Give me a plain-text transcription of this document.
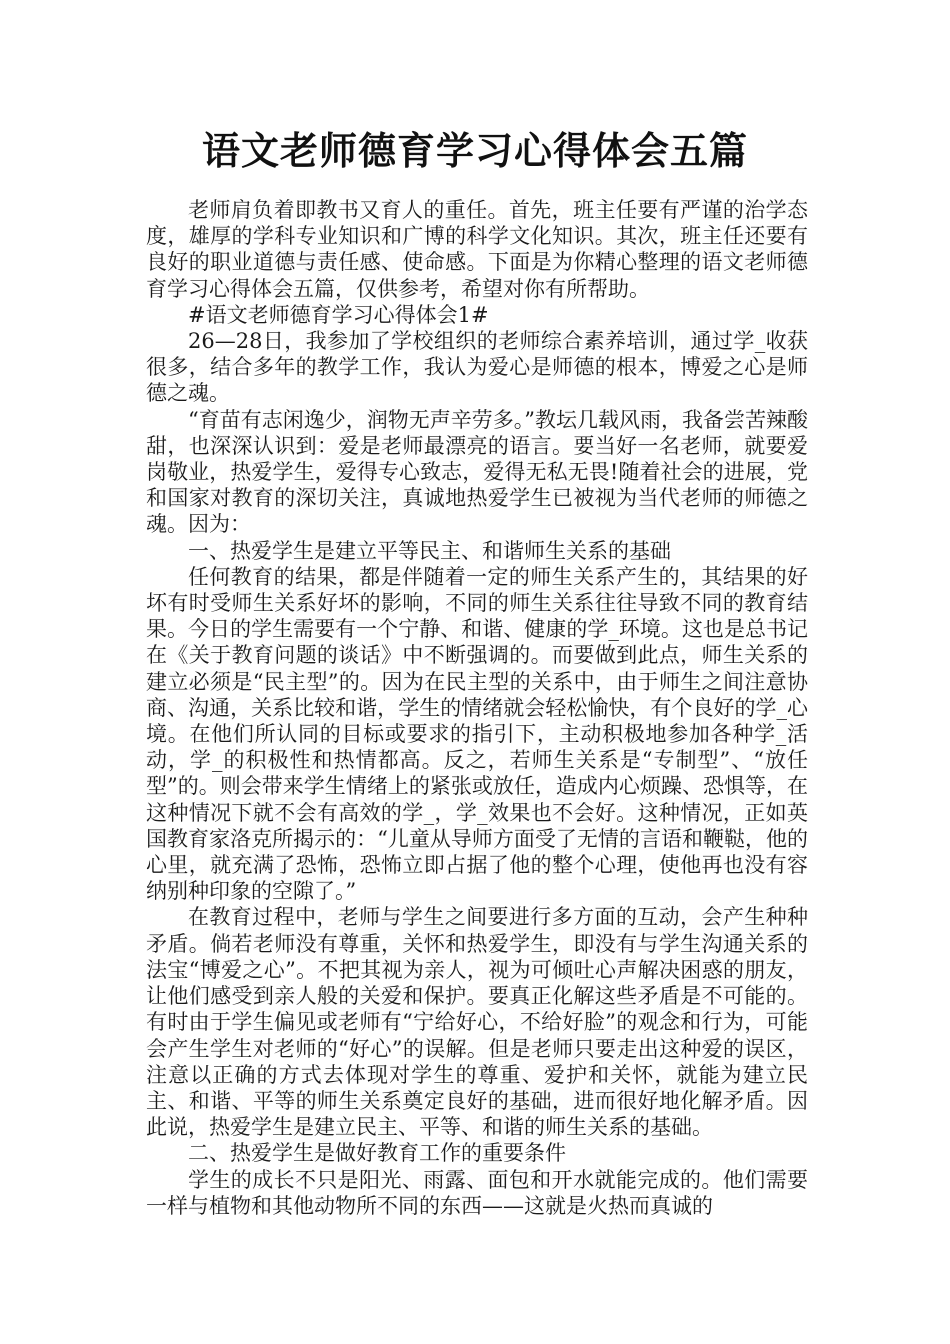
语文老师德育学习心得体会五篇

老师肩负着即教书又育人的重任。首先，班主任要有严谨的治学态度，雄厚的学科专业知识和广博的科学文化知识。其次，班主任还要有良好的职业道德与责任感、使命感。下面是为你精心整理的语文老师德育学习心得体会五篇，仅供参考，希望对你有所帮助。

#语文老师德育学习心得体会1#

26—28日，我参加了学校组织的老师综合素养培训，通过学_收获很多，结合多年的教学工作，我认为爱心是师德的根本，博爱之心是师德之魂。

“育苗有志闲逸少，润物无声辛劳多。”教坛几载风雨，我备尝苦辣酸甜，也深深认识到：爱是老师最漂亮的语言。要当好一名老师，就要爱岗敬业，热爱学生，爱得专心致志，爱得无私无畏!随着社会的进展，党和国家对教育的深切关注，真诚地热爱学生已被视为当代老师的师德之魂。因为：

一、热爱学生是建立平等民主、和谐师生关系的基础

任何教育的结果，都是伴随着一定的师生关系产生的，其结果的好坏有时受师生关系好坏的影响，不同的师生关系往往导致不同的教育结果。今日的学生需要有一个宁静、和谐、健康的学_环境。这也是总书记在《关于教育问题的谈话》中不断强调的。而要做到此点，师生关系的建立必须是“民主型”的。因为在民主型的关系中，由于师生之间注意协商、沟通，关系比较和谐，学生的情绪就会轻松愉快，有个良好的学_心境。在他们所认同的目标或要求的指引下，主动积极地参加各种学_活动，学_的积极性和热情都高。反之，若师生关系是“专制型”、“放任型”的。则会带来学生情绪上的紧张或放任，造成内心烦躁、恐惧等，在这种情况下就不会有高效的学_，学_效果也不会好。这种情况，正如英国教育家洛克所揭示的：“儿童从导师方面受了无情的言语和鞭鞑，他的心里，就充满了恐怖，恐怖立即占据了他的整个心理，使他再也没有容纳别种印象的空隙了。”

在教育过程中，老师与学生之间要进行多方面的互动，会产生种种矛盾。倘若老师没有尊重，关怀和热爱学生，即没有与学生沟通关系的法宝“博爱之心”。不把其视为亲人，视为可倾吐心声解决困惑的朋友，让他们感受到亲人般的关爱和保护。要真正化解这些矛盾是不可能的。有时由于学生偏见或老师有“宁给好心，不给好脸”的观念和行为，可能会产生学生对老师的“好心”的误解。但是老师只要走出这种爱的误区，注意以正确的方式去体现对学生的尊重、爱护和关怀，就能为建立民主、和谐、平等的师生关系奠定良好的基础，进而很好地化解矛盾。因此说，热爱学生是建立民主、平等、和谐的师生关系的基础。

二、热爱学生是做好教育工作的重要条件

学生的成长不只是阳光、雨露、面包和开水就能完成的。他们需要一样与植物和其他动物所不同的东西——这就是火热而真诚的
